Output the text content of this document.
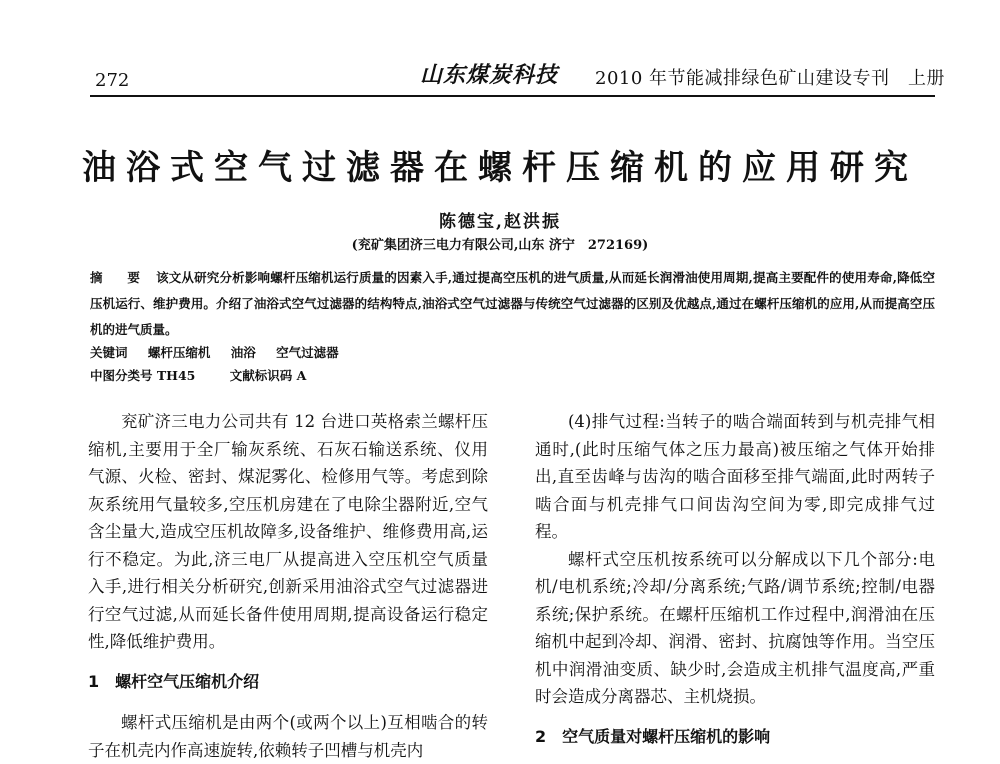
272	山东煤炭科技 2010 年节能减排绿色矿山建设专刊　上册
油浴式空气过滤器在螺杆压缩机的应用研究
陈德宝,赵洪振
(兖矿集团济三电力有限公司,山东 济宁　272169)
摘　要 该文从研究分析影响螺杆压缩机运行质量的因素入手,通过提高空压机的进气质量,从而延长润滑油使用周期,提高主要配件的使用寿命,降低空压机运行、维护费用。介绍了油浴式空气过滤器的结构特点,油浴式空气过滤器与传统空气过滤器的区别及优越点,通过在螺杆压缩机的应用,从而提高空压机的进气质量。
关键词 螺杆压缩机 油浴 空气过滤器
中图分类号 TH45	文献标识码 A

兖矿济三电力公司共有 12 台进口英格索兰螺杆压缩机,主要用于全厂输灰系统、石灰石输送系统、仪用气源、火检、密封、煤泥雾化、检修用气等。考虑到除灰系统用气量较多,空压机房建在了电除尘器附近,空气含尘量大,造成空压机故障多,设备维护、维修费用高,运行不稳定。为此,济三电厂从提高进入空压机空气质量入手,进行相关分析研究,创新采用油浴式空气过滤器进行空气过滤,从而延长备件使用周期,提高设备运行稳定性,降低维护费用。

1　螺杆空气压缩机介绍

螺杆式压缩机是由两个(或两个以上)互相啮合的转子在机壳内作高速旋转,依赖转子凹槽与机壳内

(4)排气过程:当转子的啮合端面转到与机壳排气相通时,(此时压缩气体之压力最高)被压缩之气体开始排出,直至齿峰与齿沟的啮合面移至排气端面,此时两转子啮合面与机壳排气口间齿沟空间为零,即完成排气过程。

螺杆式空压机按系统可以分解成以下几个部分:电机/电机系统;冷却/分离系统;气路/调节系统;控制/电器系统;保护系统。在螺杆压缩机工作过程中,润滑油在压缩机中起到冷却、润滑、密封、抗腐蚀等作用。当空压机中润滑油变质、缺少时,会造成主机排气温度高,严重时会造成分离器芯、主机烧损。

2　空气质量对螺杆压缩机的影响
